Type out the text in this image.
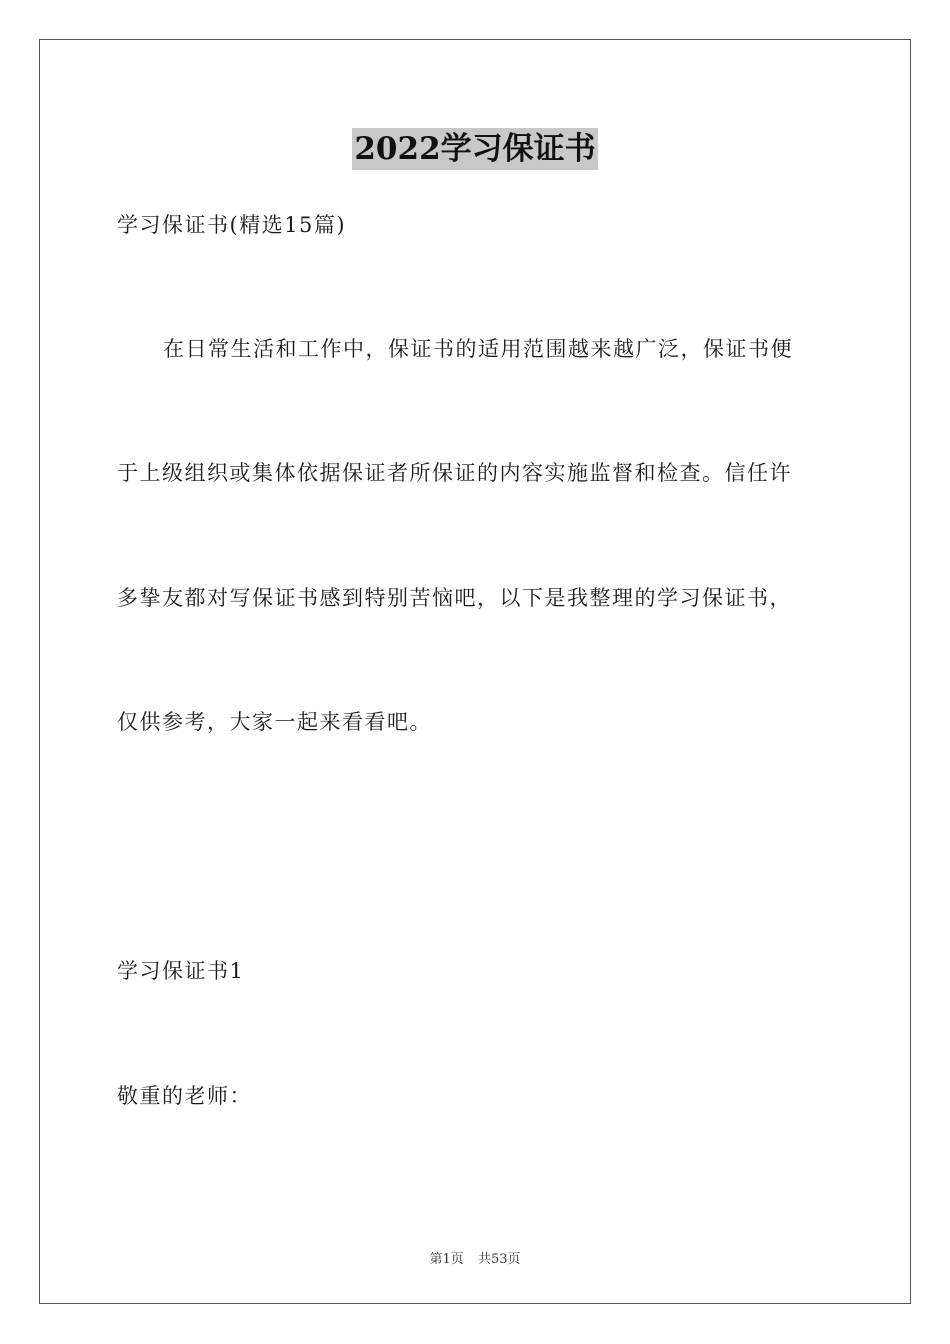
2022学习保证书
学习保证书(精选15篇)
在日常生活和工作中，保证书的适用范围越来越广泛，保证书便
于上级组织或集体依据保证者所保证的内容实施监督和检查。信任许
多挚友都对写保证书感到特别苦恼吧，以下是我整理的学习保证书，
仅供参考，大家一起来看看吧。
学习保证书1
敬重的老师：
第1页 共53页
